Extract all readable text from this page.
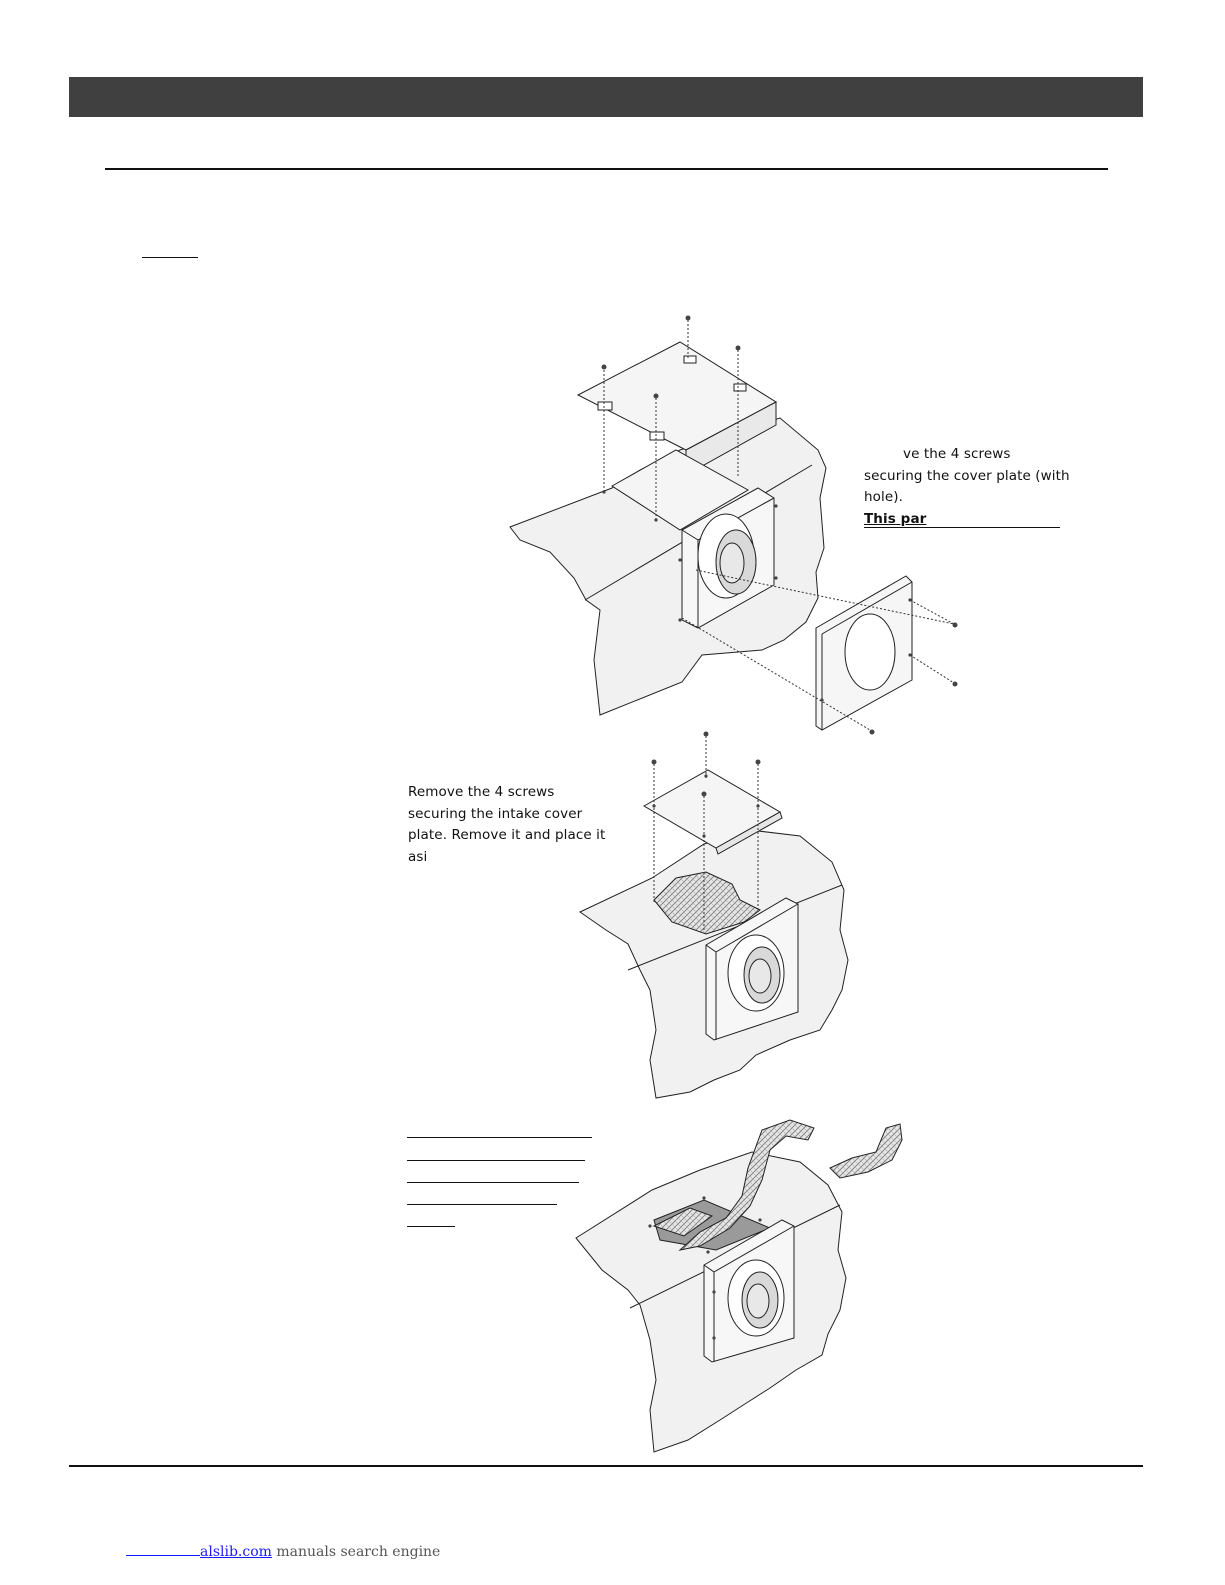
ve the 4 screws
securing the cover plate (with
hole).
This par
Remove the 4 screws
securing the intake cover
plate. Remove it and place it
asi
alslib.com manuals search engine
